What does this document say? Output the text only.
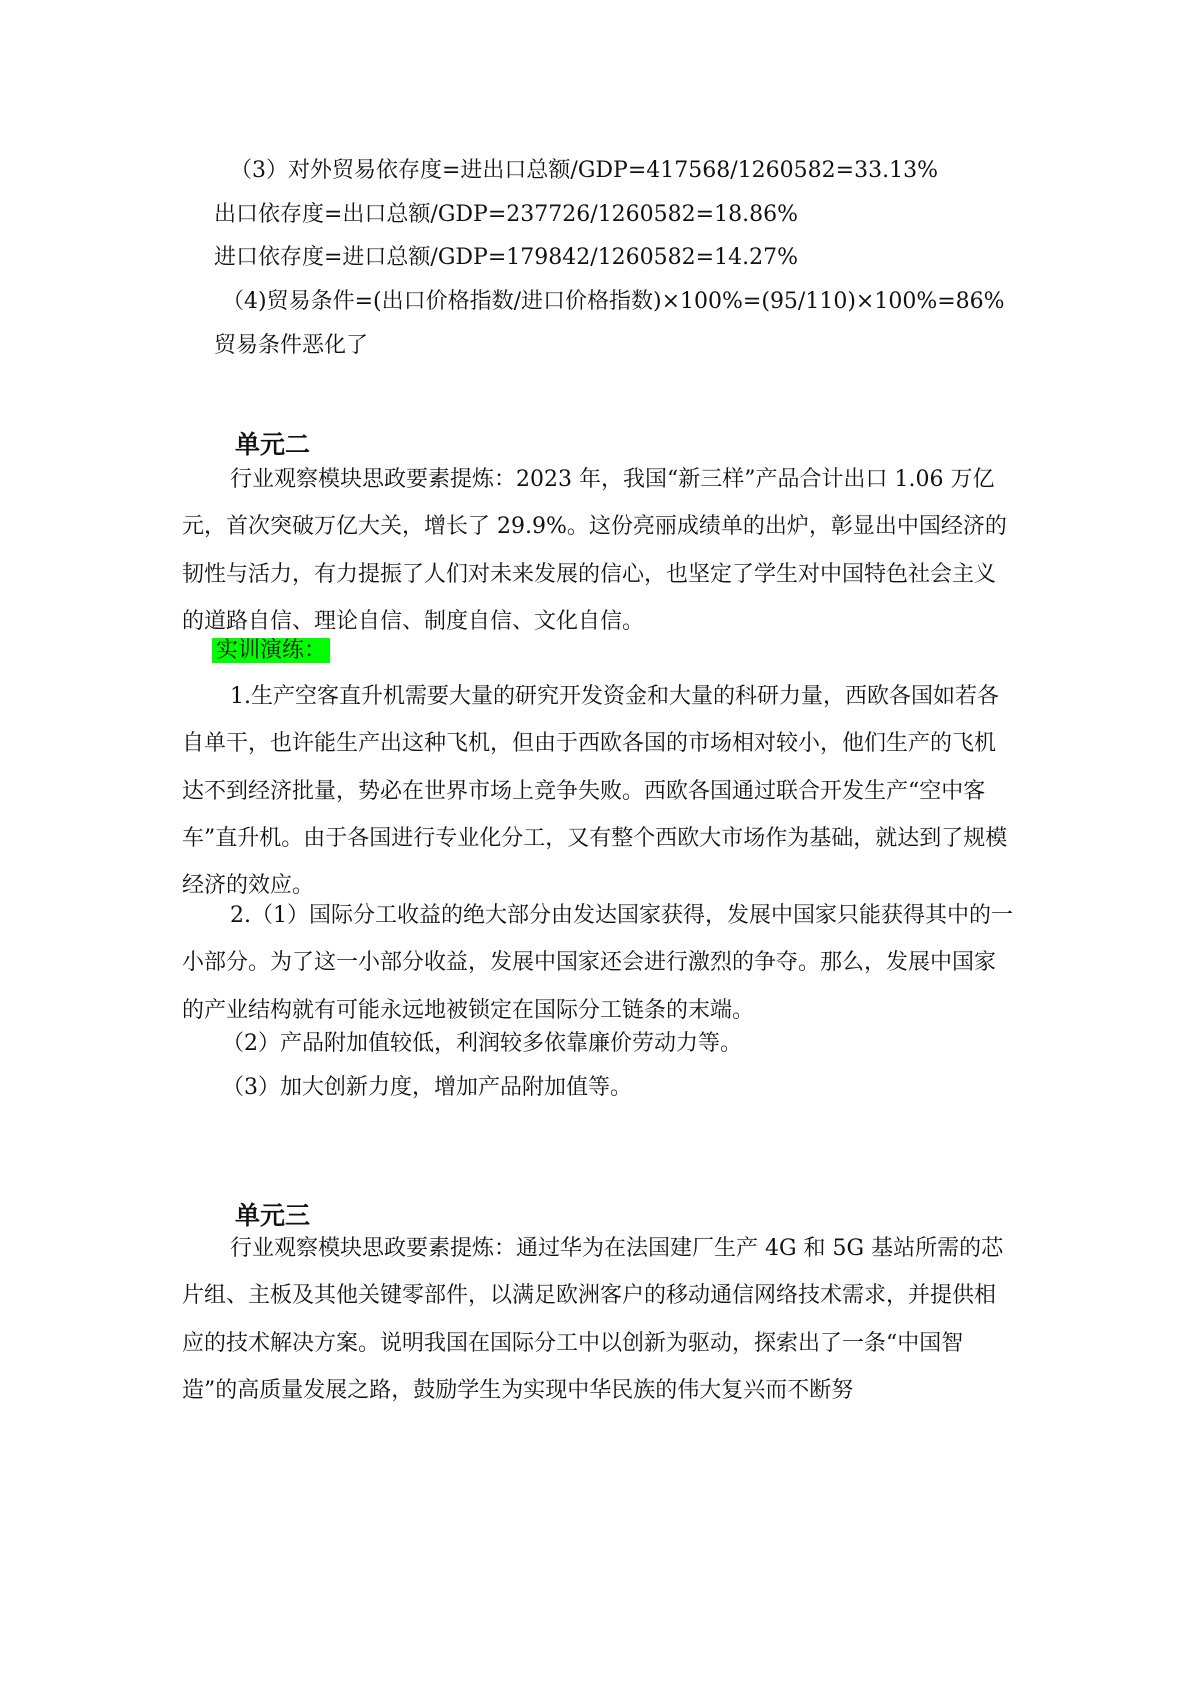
（3）对外贸易依存度=进出口总额/GDP=417568/1260582=33.13%
出口依存度=出口总额/GDP=237726/1260582=18.86%
进口依存度=进口总额/GDP=179842/1260582=14.27%
（4)贸易条件=(出口价格指数/进口价格指数)×100%=(95/110)×100%=86%
贸易条件恶化了
单元二
行业观察模块思政要素提炼：2023 年，我国“新三样”产品合计出口 1.06 万亿元，首次突破万亿大关，增长了 29.9%。这份亮丽成绩单的出炉，彰显出中国经济的韧性与活力，有力提振了人们对未来发展的信心，也坚定了学生对中国特色社会主义的道路自信、理论自信、制度自信、文化自信。
实训演练：
1.生产空客直升机需要大量的研究开发资金和大量的科研力量，西欧各国如若各自单干，也许能生产出这种飞机，但由于西欧各国的市场相对较小，他们生产的飞机达不到经济批量，势必在世界市场上竞争失败。西欧各国通过联合开发生产“空中客车”直升机。由于各国进行专业化分工，又有整个西欧大市场作为基础，就达到了规模经济的效应。
2.（1）国际分工收益的绝大部分由发达国家获得，发展中国家只能获得其中的一小部分。为了这一小部分收益，发展中国家还会进行激烈的争夺。那么，发展中国家的产业结构就有可能永远地被锁定在国际分工链条的末端。
（2）产品附加值较低，利润较多依靠廉价劳动力等。
（3）加大创新力度，增加产品附加值等。
单元三
行业观察模块思政要素提炼：通过华为在法国建厂生产 4G 和 5G 基站所需的芯片组、主板及其他关键零部件，以满足欧洲客户的移动通信网络技术需求，并提供相应的技术解决方案。说明我国在国际分工中以创新为驱动，探索出了一条“中国智造”的高质量发展之路，鼓励学生为实现中华民族的伟大复兴而不断努
